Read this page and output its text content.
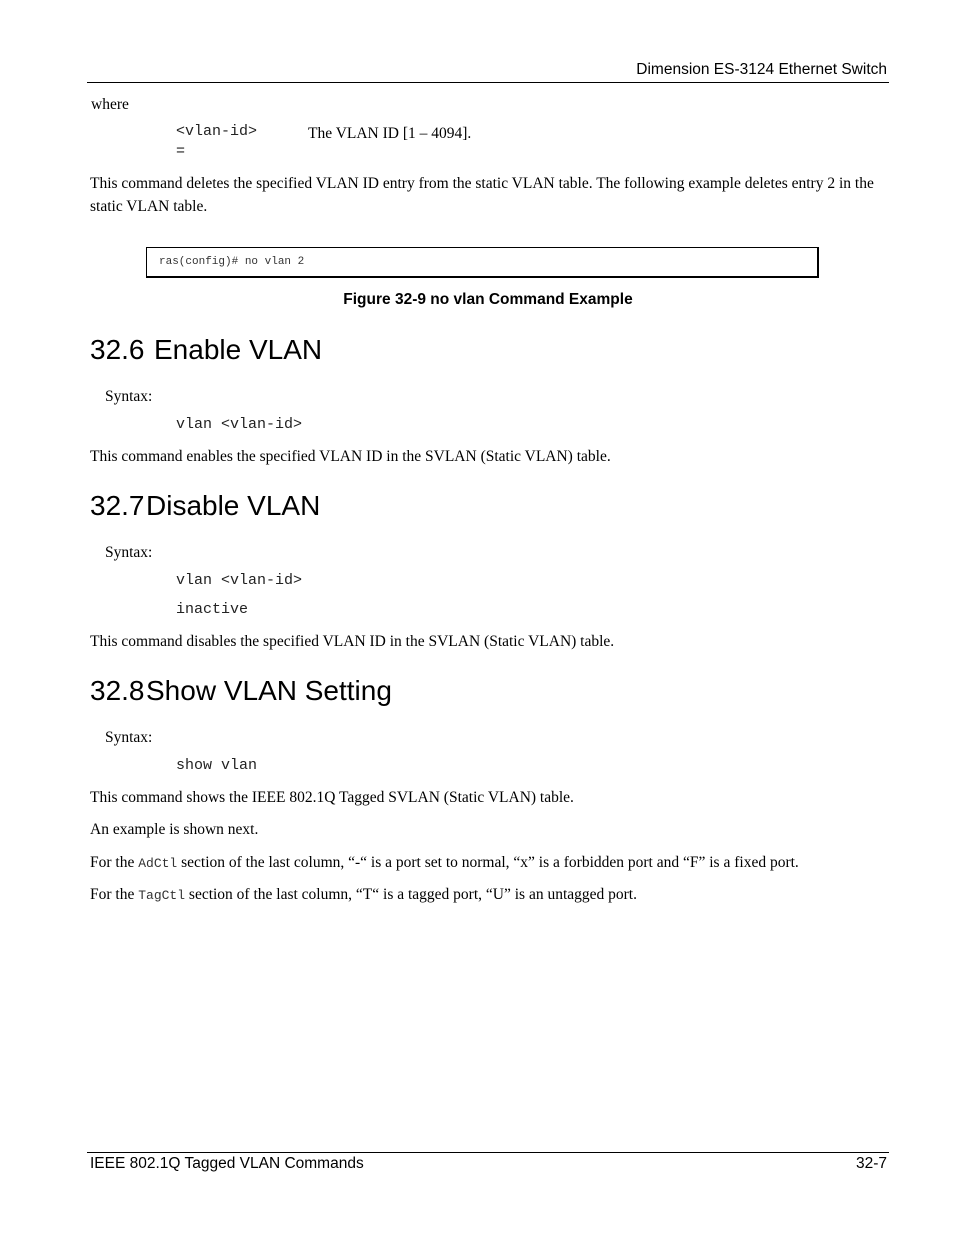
Dimension ES-3124 Ethernet Switch
where
<vlan-id>
=
The VLAN ID [1 – 4094].
This command deletes the specified VLAN ID entry from the static VLAN table. The following example deletes entry 2 in the static VLAN table.
ras(config)# no vlan 2
Figure 32-9 no vlan Command Example
32.6 Enable VLAN
Syntax:
vlan <vlan-id>
This command enables the specified VLAN ID in the SVLAN (Static VLAN) table.
32.7Disable VLAN
Syntax:
vlan <vlan-id>
inactive
This command disables the specified VLAN ID in the SVLAN (Static VLAN) table.
32.8Show VLAN Setting
Syntax:
show vlan
This command shows the IEEE 802.1Q Tagged SVLAN (Static VLAN) table.
An example is shown next.
For the AdCtl section of the last column, “-“ is a port set to normal, “x” is a forbidden port and “F” is a fixed port.
For the TagCtl section of the last column, “T“ is a tagged port, “U” is an untagged port.
IEEE 802.1Q Tagged VLAN Commands	32-7
